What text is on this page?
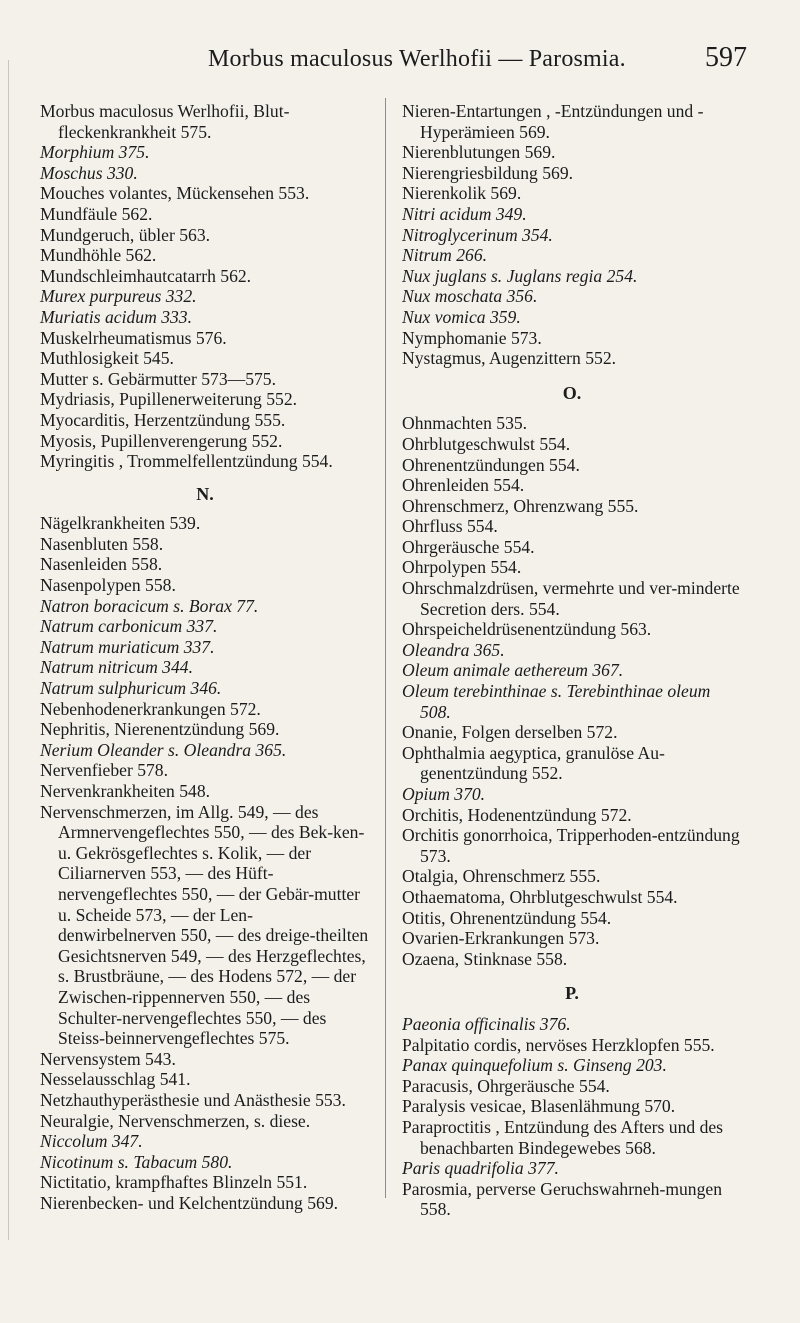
Morbus maculosus Werlhofii — Parosmia.	597

Morbus maculosus Werlhofii, Blut-fleckenkrankheit 575.

Morphium 375.

Moschus 330.

Mouches volantes, Mückensehen 553.

Mundfäule 562.

Mundgeruch, übler 563.

Mundhöhle 562.

Mundschleimhautcatarrh 562.

Murex purpureus 332.

Muriatis acidum 333.

Muskelrheumatismus 576.

Muthlosigkeit 545.

Mutter s. Gebärmutter 573—575.

Mydriasis, Pupillenerweiterung 552.

Myocarditis, Herzentzündung 555.

Myosis, Pupillenverengerung 552.

Myringitis , Trommelfellentzündung 554.

N.

Nägelkrankheiten 539.

Nasenbluten 558.

Nasenleiden 558.

Nasenpolypen 558.

Natron boracicum s. Borax 77.

Natrum carbonicum 337.

Natrum muriaticum 337.

Natrum nitricum 344.

Natrum sulphuricum 346.

Nebenhodenerkrankungen 572.

Nephritis, Nierenentzündung 569.

Nerium Oleander s. Oleandra 365.

Nervenfieber 578.

Nervenkrankheiten 548.

Nervenschmerzen, im Allg. 549, — des Armnervengeflechtes 550, — des Bek-ken- u. Gekrösgeflechtes s. Kolik, — der Ciliarnerven 553, — des Hüft-nervengeflechtes 550, — der Gebär-mutter u. Scheide 573, — der Len-denwirbelnerven 550, — des dreige-theilten Gesichtsnerven 549, — des Herzgeflechtes, s. Brustbräune, — des Hodens 572, — der Zwischen-rippennerven 550, — des Schulter-nervengeflechtes 550, — des Steiss-beinnervengeflechtes 575.

Nervensystem 543.

Nesselausschlag 541.

Netzhauthyperästhesie und Anästhesie 553.

Neuralgie, Nervenschmerzen, s. diese.

Niccolum 347.

Nicotinum s. Tabacum 580.

Nictitatio, krampfhaftes Blinzeln 551.

Nierenbecken- und Kelchentzündung 569.

Nieren-Entartungen , -Entzündungen und -Hyperämieen 569.

Nierenblutungen 569.

Nierengriesbildung 569.

Nierenkolik 569.

Nitri acidum 349.

Nitroglycerinum 354.

Nitrum 266.

Nux juglans s. Juglans regia 254.

Nux moschata 356.

Nux vomica 359.

Nymphomanie 573.

Nystagmus, Augenzittern 552.

O.

Ohnmachten 535.

Ohrblutgeschwulst 554.

Ohrenentzündungen 554.

Ohrenleiden 554.

Ohrenschmerz, Ohrenzwang 555.

Ohrfluss 554.

Ohrgeräusche 554.

Ohrpolypen 554.

Ohrschmalzdrüsen, vermehrte und ver-minderte Secretion ders. 554.

Ohrspeicheldrüsenentzündung 563.

Oleandra 365.

Oleum animale aethereum 367.

Oleum terebinthinae s. Terebinthinae oleum 508.

Onanie, Folgen derselben 572.

Ophthalmia aegyptica, granulöse Au-genentzündung 552.

Opium 370.

Orchitis, Hodenentzündung 572.

Orchitis gonorrhoica, Tripperhoden-entzündung 573.

Otalgia, Ohrenschmerz 555.

Othaematoma, Ohrblutgeschwulst 554.

Otitis, Ohrenentzündung 554.

Ovarien-Erkrankungen 573.

Ozaena, Stinknase 558.

P.

Paeonia officinalis 376.

Palpitatio cordis, nervöses Herzklopfen 555.

Panax quinquefolium s. Ginseng 203.

Paracusis, Ohrgeräusche 554.

Paralysis vesicae, Blasenlähmung 570.

Paraproctitis , Entzündung des Afters und des benachbarten Bindegewebes 568.

Paris quadrifolia 377.

Parosmia, perverse Geruchswahrneh-mungen 558.
